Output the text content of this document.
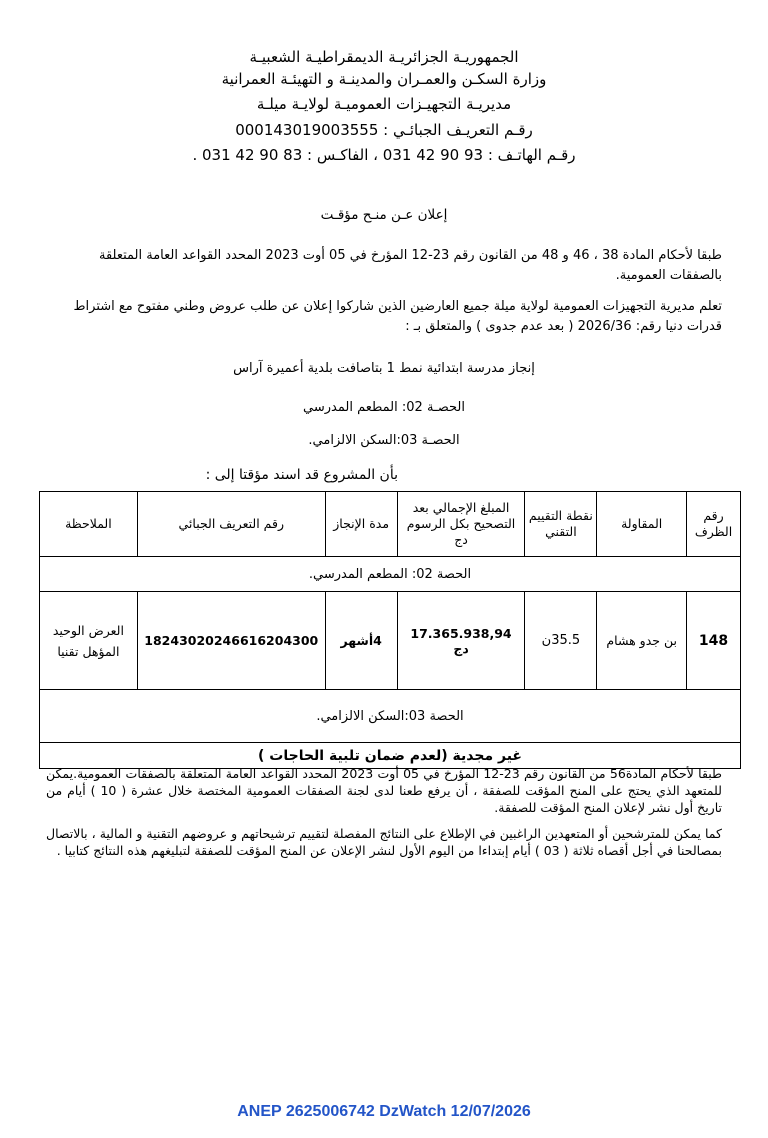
الجمهوريـة الجزائريـة الديمقراطيـة الشعبيـة
وزارة السكـن والعمـران والمدينـة و التهيئـة العمرانية
مديريـة التجهيـزات العموميـة لولايـة ميلـة
رقـم التعريـف الجبائـي : 000143019003555
رقـم الهاتـف : 93 90 42 031 ، الفاكـس : 83 90 42 031 .
إعلان عـن منـح مؤقـت
طبقا لأحكام المادة 38 ، 46 و 48 من القانون رقم 23-12 المؤرخ في 05 أوت 2023 المحدد القواعد العامة المتعلقة بالصفقات العمومية.
تعلم مديرية التجهيزات العمومية لولاية ميلة جميع العارضين الذين شاركوا إعلان عن طلب عروض وطني مفتوح مع اشتراط قدرات دنيا رقم: 2026/36 ( بعد عدم جدوى ) والمتعلق بـ :
إنجاز مدرسة ابتدائية نمط 1 بتاصافت بلدية أعميرة آراس
الحصـة 02: المطعم المدرسي
الحصـة 03:السكن الالزامي.
بأن المشروع قد اسند مؤقتا إلى :
رقم الظرف	المقاولة	نقطة التقييم التقني	المبلغ الإجمالي بعد التصحيح بكل الرسوم دج	مدة الإنجاز	رقم التعريف الجبائي	الملاحظة
الحصة 02: المطعم المدرسي.						
148	بن جدو هشام	35.5ن	17.365.938,94 دج	4أشهر	18243020246616204300	العرض الوحيد المؤهل تقنيا
الحصة 03:السكن الالزامي.						
غير مجدية (لعدم ضمان تلبية الحاجات )						
طبقا لأحكام المادة56 من القانون رقم 23-12 المؤرخ في 05 أوت 2023 المحدد القواعد العامة المتعلقة بالصفقات العمومية.يمكن للمتعهد الذي يحتج على المنح المؤقت للصفقة ، أن يرفع طعنا لدى لجنة الصفقات العمومية المختصة خلال عشرة ( 10 ) أيام من تاريخ أول نشر لإعلان المنح المؤقت للصفقة.
كما يمكن للمترشحين أو المتعهدين الراغبين في الإطلاع على النتائج المفصلة لتقييم ترشيحاتهم و عروضهم التقنية و المالية ، بالاتصال بمصالحنا في أجل أقصاه ثلاثة ( 03 ) أيام إبتداءا من اليوم الأول لنشر الإعلان عن المنح المؤقت للصفقة لتبليغهم هذه النتائج كتابيا .
ANEP 2625006742 DzWatch 12/07/2026
